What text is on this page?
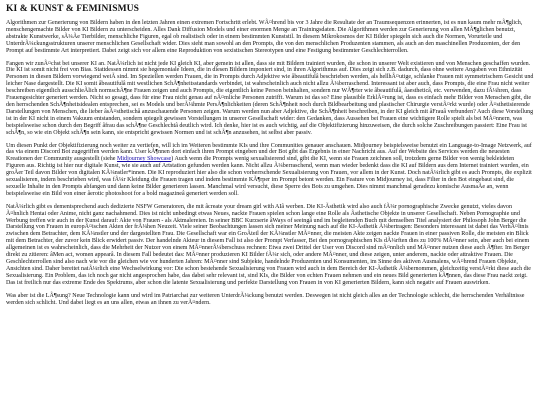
KI & KUNST & FEMINISMUS

Algorithmen zur Generierung von Bildern haben in den letzten Jahren einen extremen Fortschritt erlebt. WÃ¤hrend bis vor 3 Jahre die Resultate der an Traumsequenzen erinnerten, ist es nun kaum mehr mÃ¶glich, menschengemachte Bilder von KI Bildern zu unterscheiden. Alles Dank Diffusion Models und einer enormen Menge an Trainingsdaten. Die Algorithmen werden zur Generierung von allen MÃ¶glichen benutzt, abstrakte Kunstwerke, sÃ¼Ãe Tierbilder, menschliche Figuren, egal ob realistisch oder in einem bestimmten Kunststil. In diesem Mikrokosmos der KI Bilder spiegeln sich auch die Normen, Vorurteile und UnterdrÃ¼ckungsstrukturen unserer menschlichen Gesellschaft wider. Dies sieht man sowohl an den Prompts, die von den menschlichen Produzenten stammen, als auch an den maschinellen Produzenten, der den Prompt auf bestimmte Art interpretiert. Dabei zeigt sich vor allem eine Reproduktion von sexistischen Stereotypen und eine Festigung bestimmter Geschlechterrollen.

Fangen wir zunÃ¤chst bei unserer KI an. NatÃ¼rlich ist nicht jede KI gleich KI, aber gemein ist allen, dass sie mit Bildern trainiert wurden, die schon in unserer Welt existieren und von Menschen geschaffen wurden. Die KI ist somit nicht frei von Bias. Stattdessen nimmt sie hegemoniale Ideen, die in diesen Bildern imponiert sind, in ihren Algorithmus auf. Dies zeigt sich z.B. dadurch, dass ohne weitere Angaben von Ethnizität Personen in diesen Bildern vorwiegend weiÃ sind. Im Speziellen werden Frauen, die in Prompts durch Adjektive wie âbeautifulâ beschrieben werden, als hellhÃ¤utige, schlanke Frauen mit symmetrischem Gesicht und leicher Nase dargestellt. Die KI somit âbeautifulâ mit westlichen SchÃ¶nheitsstandards verbindet, ist wahrscheinlich auch nicht allzu Ã¼berraschend. Interessant ist aber auch, dass Prompts, die eine Frau nicht weiter beschreiben eigentlich ausschlieÃlich normschÃ¶ne Frauen zeigen und auch Prompts, die eigentlich keine Person beinhalten, sondern nur WÃ¶rter wie âbeautifulâ, âaestheticâ, etc. verwenden, dazu fÃ¼hren, dass Frauengesichter generiert werden. Nicht so gesagt, dass für eine Frau nicht genau auf nÃ¤mliche Personen zutrifft. Warum ist das so? Eine plausible ErklÃ¤rung ist, dass es einfach mehr Bilder von Menschen gibt, die den herrschenden SchÃ¶nheitsidealen entsprechen, sei es Models und berÃ¼hmte PersÃ¶nlichkeiten (deren SchÃ¶nheit noch durch Bildbearbeitung und plastischer Chirurgie verstÃ¤rkt wurde) oder Ã¤sthetisierende Darstellungen von Menschen, die lieber âsÃ¤sthetischâ anzuschauende Personen zeigen. Warum werden nun aber Adjektive, die SchÃ¶nheit beschreiben, in der KI gleich mit âFrauâ verbunden? Auch diese Vorstellung ist in der KI nicht in einem Vakuum entstanden, sondern spiegelt gewissen Vorstellungen in unserer Gesellschaft wider: den Gedanken, dass Aussehen bei Frauen eine wichtigere Rolle spielt als bei MÃ¤nnern, was beispielsweise schon durch den Begriff âfrau das schÃ¶ne Geschlechtâ deutlich wird. Ich denke, hier ist es auch wichtig, auf die Objektifizierung hinzuweisen, die durch solche Zuschreibungen passiert: Eine Frau ist schÃ¶n, so wie ein Objekt schÃ¶n sein kann, sie entspricht gewissen Normen und ist schÃ¶n anzusehen, ist selbst aber passiv.

Um diesen Punkt der Objektifizierung noch weiter zu vertiefen, will ich im Weiteren bestimmte KIs und ihre Communities genauer anschauen. Midjourney beispielsweise benutzt ein Language-to-Image Netzwerk, auf das via einem Discord Bot zugegriffen werden kann. User kÃ¶nnen dort einfach ihren Prompt eingeben und der Bot gibt das Ergebnis in einer Nachricht aus. Auf der Website des Services werden die neuesten Kreationen der Community ausgestellt (siehe Midjourney Showcase) Auch wenn die Prompts wenig sexualisierend sind, gibt die KI, wenn sie Frauen zeichnen soll, trotzdem gerne Bilder von wenig bekleideten Figuren aus. Richtig ist hier nur digitale Kunst, wie sie auch auf Artstation gefunden werden kann. Nicht allzu Ã¼berraschend, wenn man wieder bedenkt dass die KI auf Bildern aus dem Internet trainiert wurden, ein groÃer Teil davon Bilder von digitalen KÃ¼nstler*innen. Die KI reproduziert hier also die schon vorherrschende Sexualisierung von Frauen, vor allem in der Kunst. Doch natÃ¼rlich gibt es auch Prompts, die explizit sexualisieren, indem beschrieben wird, was fÃ¼r Kleidung die Frauen tragen und indem bestimmte KÃ¶rper im Prompt betont werden. Ein Feature von Midjourney ist, dass Filter in den Bot eingebaut sind, die sexuelle Inhalte in den Prompts abfangen und dann keine Bilder generieren lassen. Manchmal wird versucht, diese Sperre des Bots zu umgehen. Dies nimmt manchmal geradezu komische AusmaÃe an, wenn beispielsweise ein Bild von einer âerotic photoshoot for a bold magazineâ generiert werden soll.

NatÃ¼rlich gibt es dementsprechend auch dedizierte NSFW Generatoren, die mit âcreate your dream girl with AIâ werben. Die KI-Ãsthetik wird also auch fÃ¼r pornographische Zwecke genutzt, vieles davon Ã¤hnlich Hentai oder Anime, nicht ganz nachahmend. Dies ist nicht unbedingt etwas Neues, nackte Frauen spielen schon lange eine Rolle als Ãsthetische Objekte in unserer Gesellschaft. Neben Pornographie und Werbung treffen wir auch in der Kunst darauf: Akte von Frauen - als Aktmalereien. In seiner BBC Kurzserie âWays of seeingâ und im begleitenden Buch mit demselben Titel analysiert der Philosoph John Berger die Darstellung von Frauen in europÃ¤ischen Akten der frÃ¼hen Neuzeit. Viele seiner Beobachtungen lassen sich meiner Meinung nach auf die KI-Ãsthetik Ã¼bertragen: Besonders interessant ist dabei das VerhÃ¤ltnis zwischen dem Betrachter, dem KÃ¼nstler und der dargestellten Frau. Die Gesellschaft war ein GroÃteil der KÃ¼nstler MÃ¤nner, die meisten Akte zeigen nackte Frauen in einer passiven Rolle, die meisten ein Blick mit dem Betrachter, der zuvor kein Blick erwidert passiv. Der handelnde Akteur in diesem Fall ist also der Prompt Verfasser, Bei den pornographischen KIs dÃ¼rften dies zu 100% MÃ¤nner sein, aber auch bei einem allgemeinen ist es wahrscheinlich, dass die Mehrheit der Nutzer von einem MÃ¤nnerÃ¼berschuss rechnen: Etwa zwei Drittel der User von Discord sind mÃ¤nnlich und MÃ¤nner nutzen diese auch Ã¶fter. Im Berger direkt zu zitieren: âMen act, women appearâ. In diesem Fall bedeutet das: MÃ¤nner produzieren KI Bilder fÃ¼r sich, oder andere MÃ¤nner, und diese zeigen, unter anderem, nackte oder attraktive Frauen. Die Geschlechterrollen sind also nach wie vor die gleichen wie vor hunderten Jahren: MÃ¤nner sind Subjekte, handelnde Produzenten und Konsumenten, im Sinne des aktiven Ausmalens, wÃ¤hrend Frauen Objekte, Ansichten sind. Daher bereitet natÃ¼rlich eine Wechselwirkung vor: Die schon bestehende Sexualisierung von Frauen wird auch in dem Bereich der KI-Ãsthetik Ã¼bernommen, gleichzeitig verstÃ¤rkt diese auch die Sexualisierung. Ein Problem, das ich noch gar nicht angesprochen habe, das dabei sehr relevant ist, sind KIs, die Bilder von echten Frauen nehmen und ein neues Bild generierten kÃ¶nnen, das diese Frau nackt zeigt. Das ist freilich nur das extreme Ende des Spektrums, aber schon die latente Sexualisierung und perfekte Darstellung von Frauen in von KI generierten Bildern, kann sich negativ auf Frauen auswirken.

Was aber ist die LÃ¶sung? Neue Technologie kann und wird im Patriarchat zur weiteren UnterdrÃ¼ckung benutzt werden. Deswegen ist nicht gleich alles an der Technologie schlecht, die herrschenden Verhältnisse werden sich schlicht. Und dabei liegt es an uns allen, etwas an ihnen zu verÃ¤ndern.
